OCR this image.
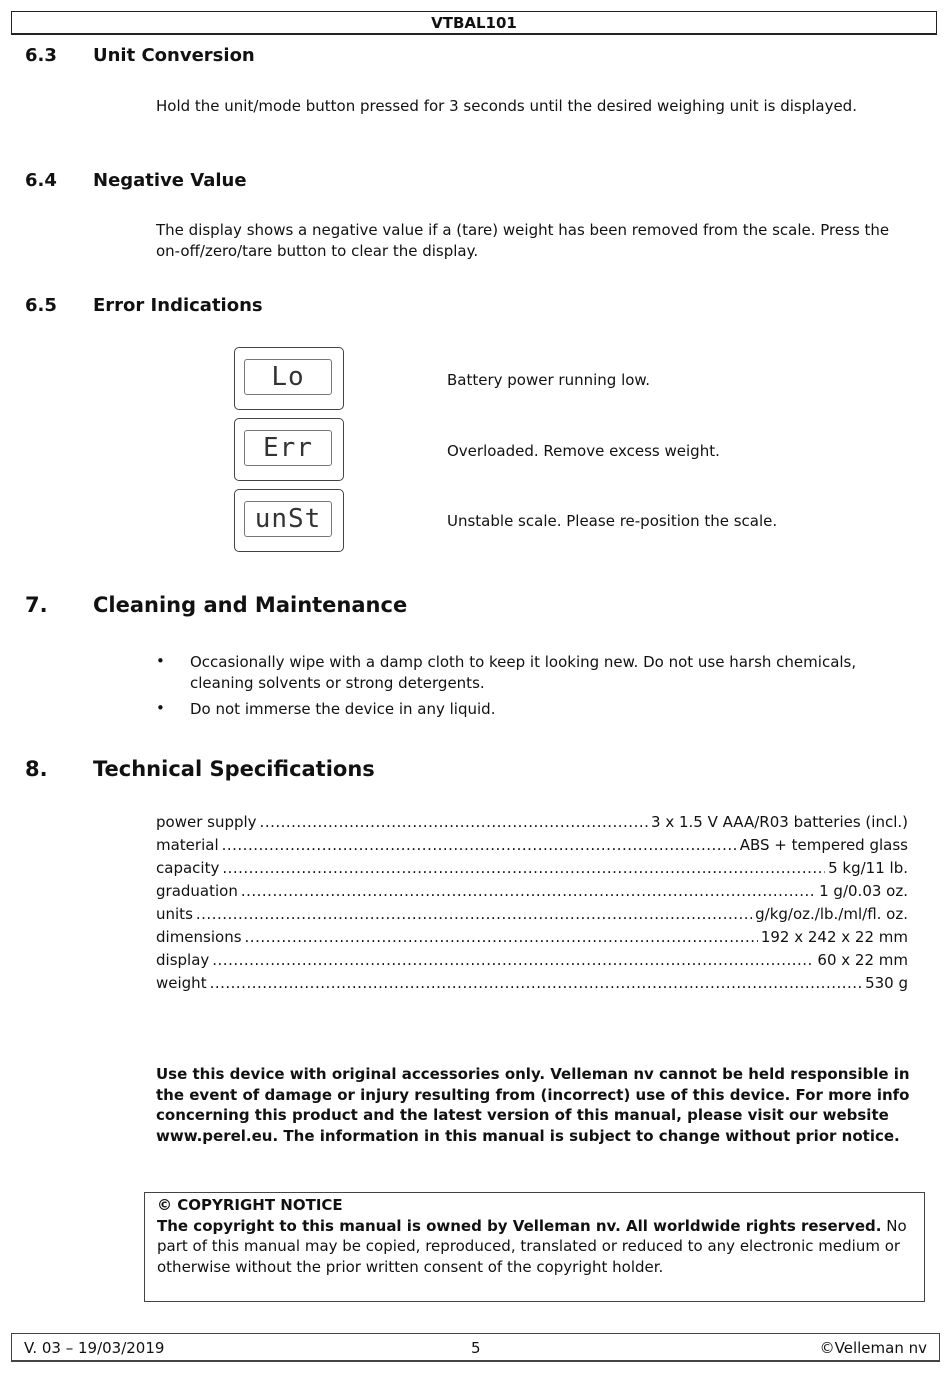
VTBAL101
6.3 Unit Conversion
Hold the unit/mode button pressed for 3 seconds until the desired weighing unit is displayed.
6.4 Negative Value
The display shows a negative value if a (tare) weight has been removed from the scale. Press the on-off/zero/tare button to clear the display.
6.5 Error Indications
Lo	Battery power running low.
Err	Overloaded. Remove excess weight.
unSt	Unstable scale. Please re-position the scale.
7. Cleaning and Maintenance
• Occasionally wipe with a damp cloth to keep it looking new. Do not use harsh chemicals, cleaning solvents or strong detergents.
• Do not immerse the device in any liquid.
8. Technical Specifications
power supply .....	3 x 1.5 V AAA/R03 batteries (incl.)
material .....	ABS + tempered glass
capacity .....	5 kg/11 lb.
graduation .....	1 g/0.03 oz.
units .....	g/kg/oz./lb./ml/fl. oz.
dimensions .....	192 x 242 x 22 mm
display .....	60 x 22 mm
weight .....	530 g
Use this device with original accessories only. Velleman nv cannot be held responsible in the event of damage or injury resulting from (incorrect) use of this device. For more info concerning this product and the latest version of this manual, please visit our website www.perel.eu. The information in this manual is subject to change without prior notice.
© COPYRIGHT NOTICE
The copyright to this manual is owned by Velleman nv. All worldwide rights reserved. No part of this manual may be copied, reproduced, translated or reduced to any electronic medium or otherwise without the prior written consent of the copyright holder.
V. 03 – 19/03/2019	5	©Velleman nv
